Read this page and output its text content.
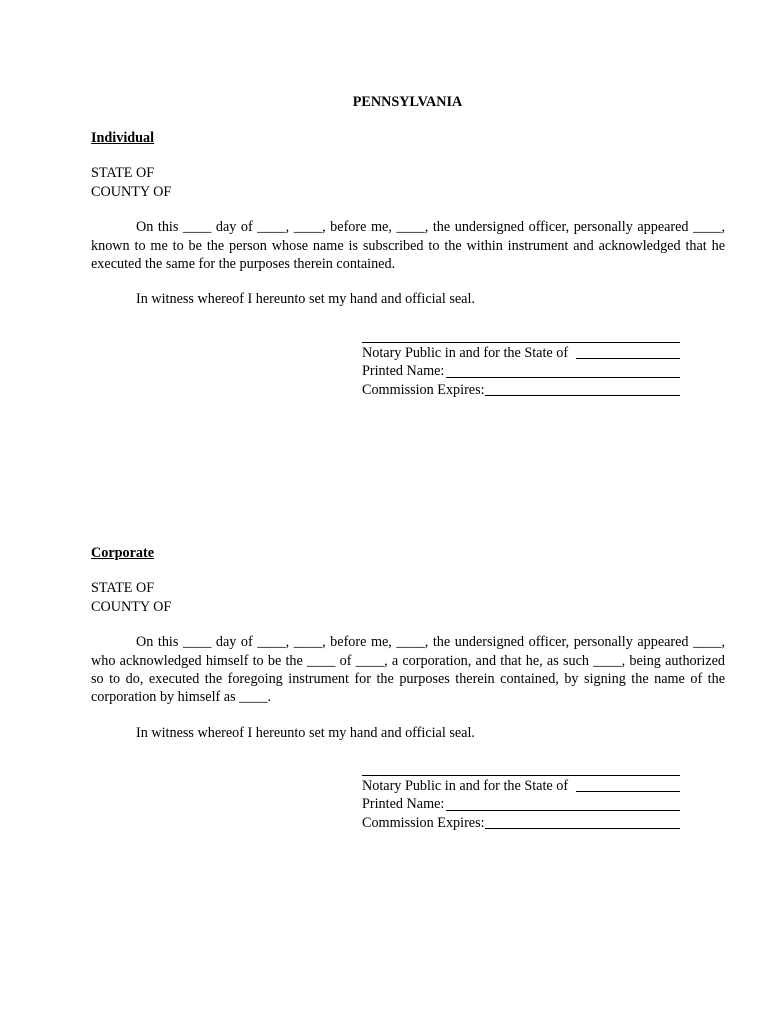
PENNSYLVANIA
Individual
STATE OF
COUNTY OF
On this ____ day of ____, ____, before me, ____, the undersigned officer, personally appeared ____, known to me to be the person whose name is subscribed to the within instrument and acknowledged that he executed the same for the purposes therein contained.
In witness whereof I hereunto set my hand and official seal.
Notary Public in and for the State of
Printed Name:
Commission Expires:
Corporate
STATE OF
COUNTY OF
On this ____ day of ____, ____, before me, ____, the undersigned officer, personally appeared ____, who acknowledged himself to be the ____ of ____, a corporation, and that he, as such ____, being authorized so to do, executed the foregoing instrument for the purposes therein contained, by signing the name of the corporation by himself as ____.
In witness whereof I hereunto set my hand and official seal.
Notary Public in and for the State of
Printed Name:
Commission Expires:
